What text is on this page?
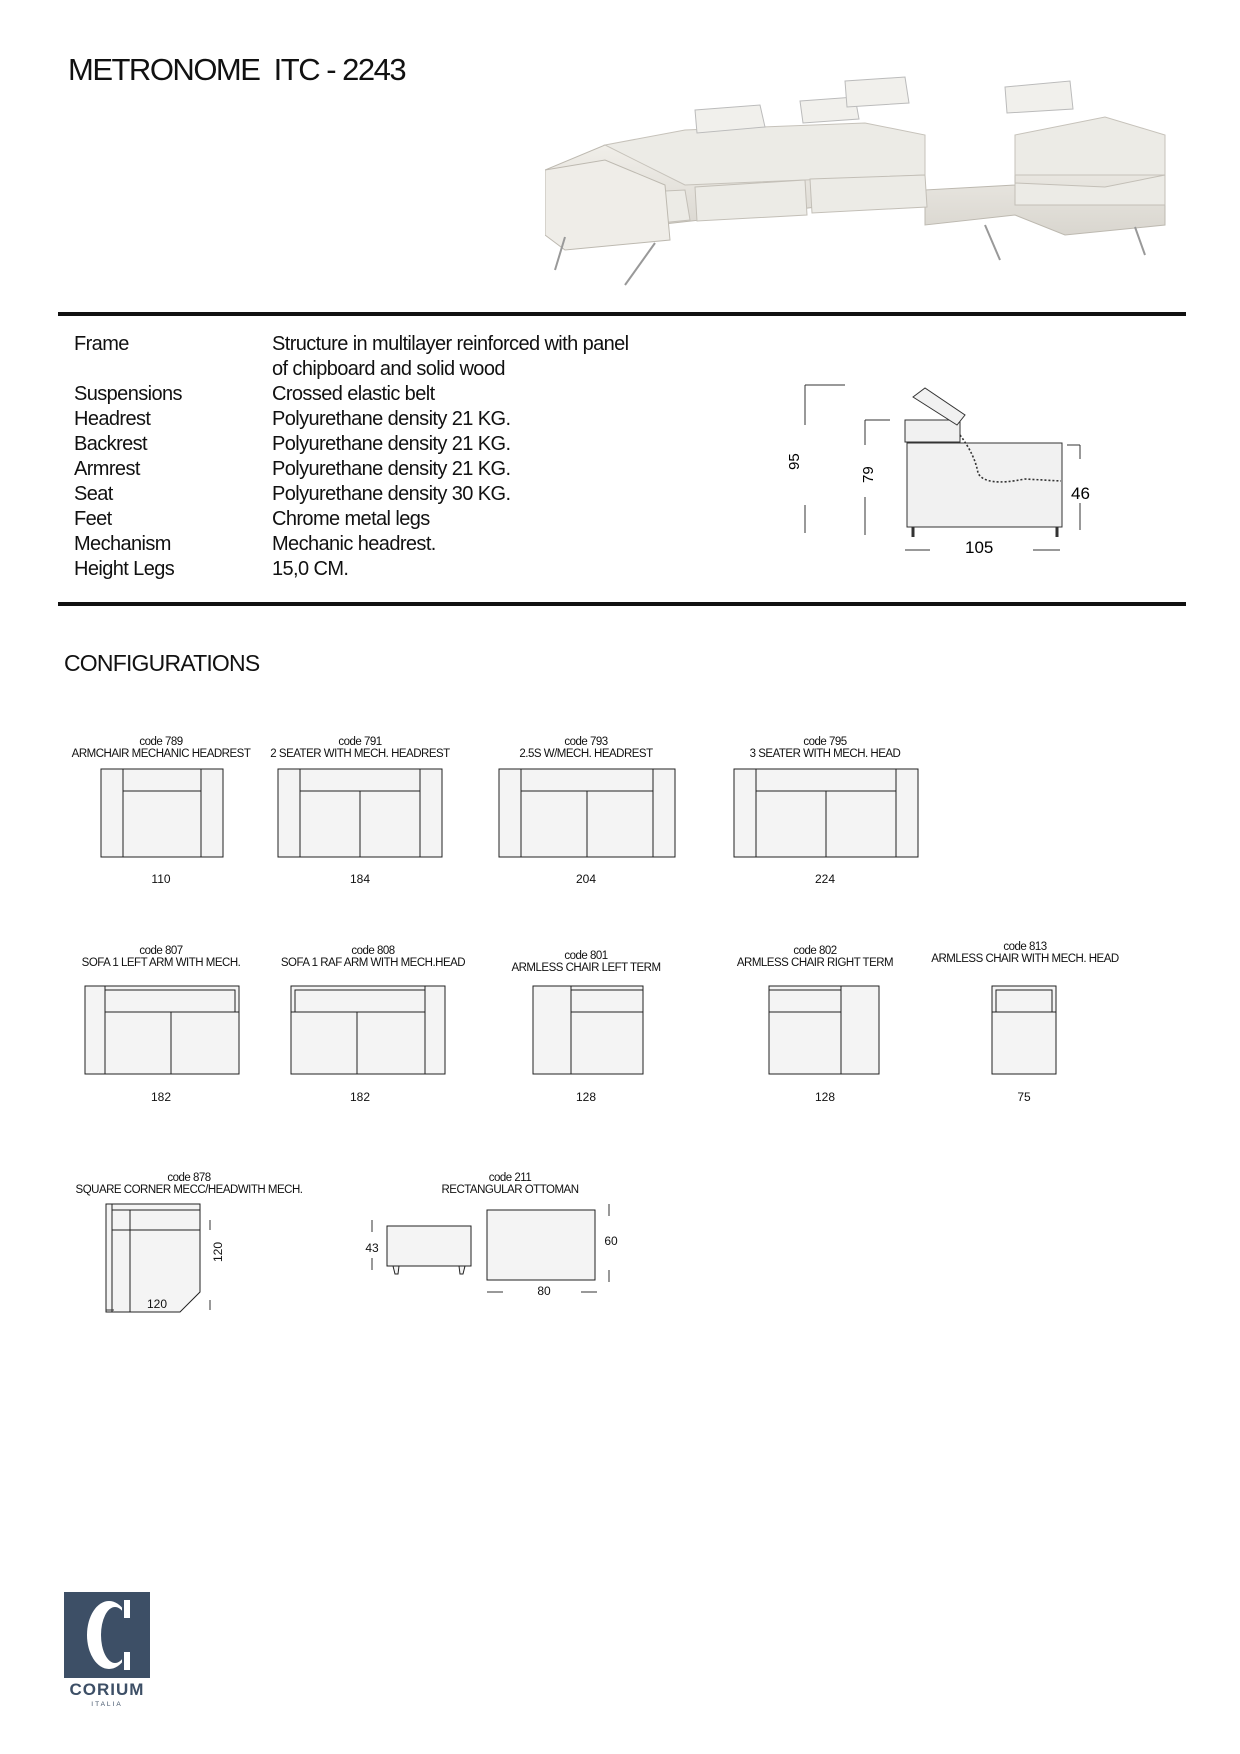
METRONOME  ITC - 2243
Frame	Structure in multilayer reinforced with panel
of chipboard and solid wood
Suspensions	Crossed elastic belt
Headrest	Polyurethane density 21 KG.
Backrest	Polyurethane density 21 KG.
Armrest	Polyurethane density 21 KG.
Seat	Polyurethane density 30 KG.
Feet	Chrome metal legs
Mechanism	Mechanic headrest.
Height Legs	15,0 CM.
95
79
46
105
CONFIGURATIONS
code 789
ARMCHAIR MECHANIC HEADREST
110
code 791
2 SEATER WITH MECH. HEADREST
184
code 793
2.5S W/MECH. HEADREST
204
code 795
3 SEATER WITH MECH. HEAD
224
code 807
SOFA 1 LEFT ARM WITH MECH.
182
code 808
SOFA 1 RAF ARM WITH MECH.HEAD
182
code 801
ARMLESS CHAIR LEFT TERM
128
code 802
ARMLESS CHAIR RIGHT TERM
128
code 813
ARMLESS CHAIR WITH MECH. HEAD
75
code 878
SQUARE CORNER MECC/HEADWITH MECH.
120
120
code 211
RECTANGULAR OTTOMAN
43	60
80
CORIUM
ITALIA
